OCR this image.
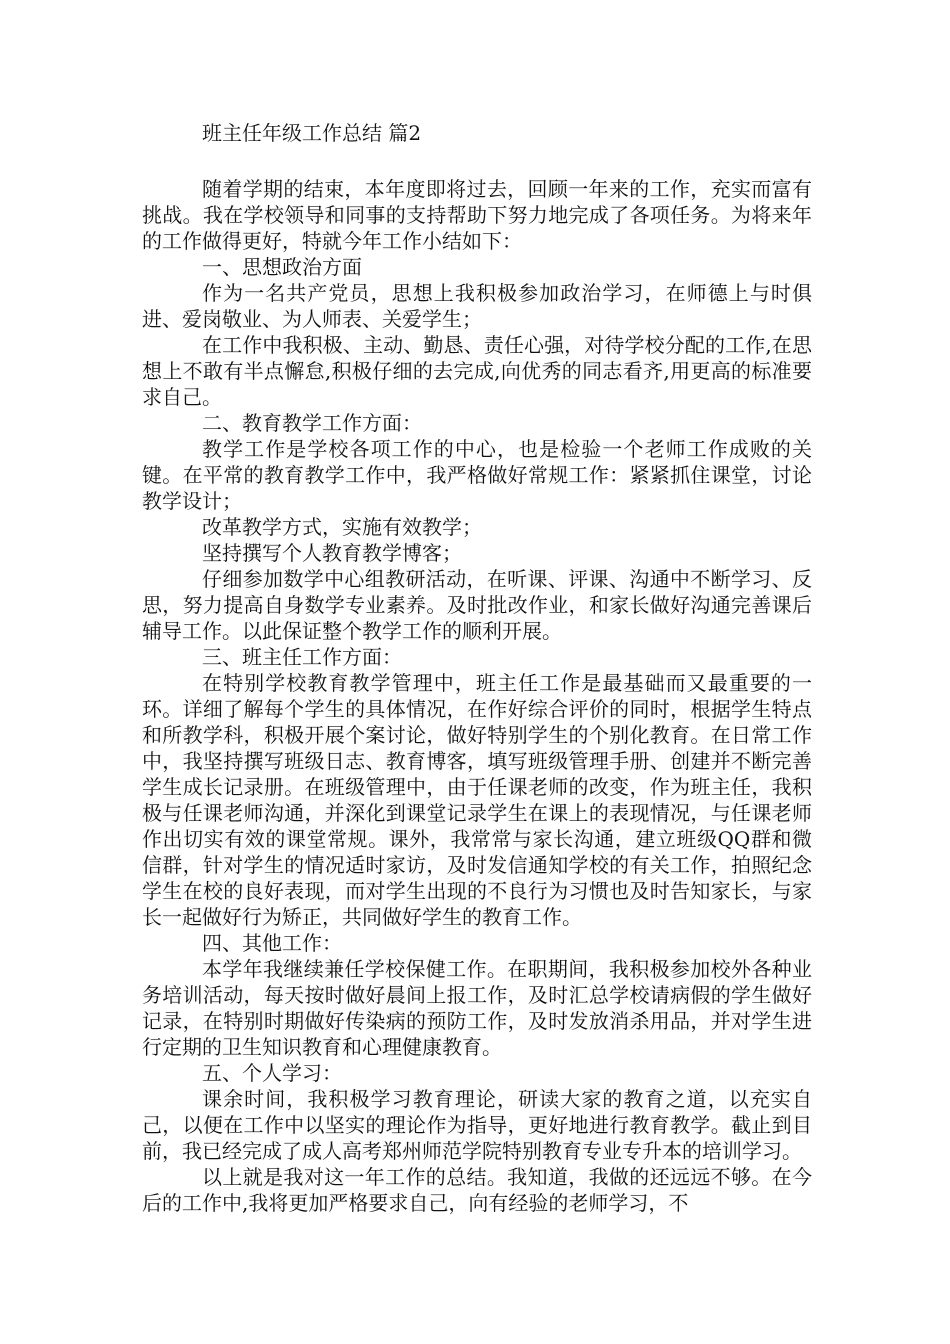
班主任年级工作总结 篇2

随着学期的结束，本年度即将过去，回顾一年来的工作，充实而富有挑战。我在学校领导和同事的支持帮助下努力地完成了各项任务。为将来年的工作做得更好，特就今年工作小结如下：

一、思想政治方面

作为一名共产党员，思想上我积极参加政治学习，在师德上与时俱进、爱岗敬业、为人师表、关爱学生；

在工作中我积极、主动、勤恳、责任心强，对待学校分配的工作,在思想上不敢有半点懈怠,积极仔细的去完成,向优秀的同志看齐,用更高的标准要求自己。

二、教育教学工作方面：

教学工作是学校各项工作的中心，也是检验一个老师工作成败的关键。在平常的教育教学工作中，我严格做好常规工作：紧紧抓住课堂，讨论教学设计；

改革教学方式，实施有效教学；

坚持撰写个人教育教学博客；

仔细参加数学中心组教研活动，在听课、评课、沟通中不断学习、反思，努力提高自身数学专业素养。及时批改作业，和家长做好沟通完善课后辅导工作。以此保证整个教学工作的顺利开展。

三、班主任工作方面：

在特别学校教育教学管理中，班主任工作是最基础而又最重要的一环。详细了解每个学生的具体情况，在作好综合评价的同时，根据学生特点和所教学科，积极开展个案讨论，做好特别学生的个别化教育。在日常工作中，我坚持撰写班级日志、教育博客，填写班级管理手册、创建并不断完善学生成长记录册。在班级管理中，由于任课老师的改变，作为班主任，我积极与任课老师沟通，并深化到课堂记录学生在课上的表现情况，与任课老师作出切实有效的课堂常规。课外，我常常与家长沟通，建立班级QQ群和微信群，针对学生的情况适时家访，及时发信通知学校的有关工作，拍照纪念学生在校的良好表现，而对学生出现的不良行为习惯也及时告知家长，与家长一起做好行为矫正，共同做好学生的教育工作。

四、其他工作：

本学年我继续兼任学校保健工作。在职期间，我积极参加校外各种业务培训活动，每天按时做好晨间上报工作，及时汇总学校请病假的学生做好记录，在特别时期做好传染病的预防工作，及时发放消杀用品，并对学生进行定期的卫生知识教育和心理健康教育。

五、个人学习：

课余时间，我积极学习教育理论，研读大家的教育之道，以充实自己，以便在工作中以坚实的理论作为指导，更好地进行教育教学。截止到目前，我已经完成了成人高考郑州师范学院特别教育专业专升本的培训学习。

以上就是我对这一年工作的总结。我知道，我做的还远远不够。在今后的工作中,我将更加严格要求自己，向有经验的老师学习，不
